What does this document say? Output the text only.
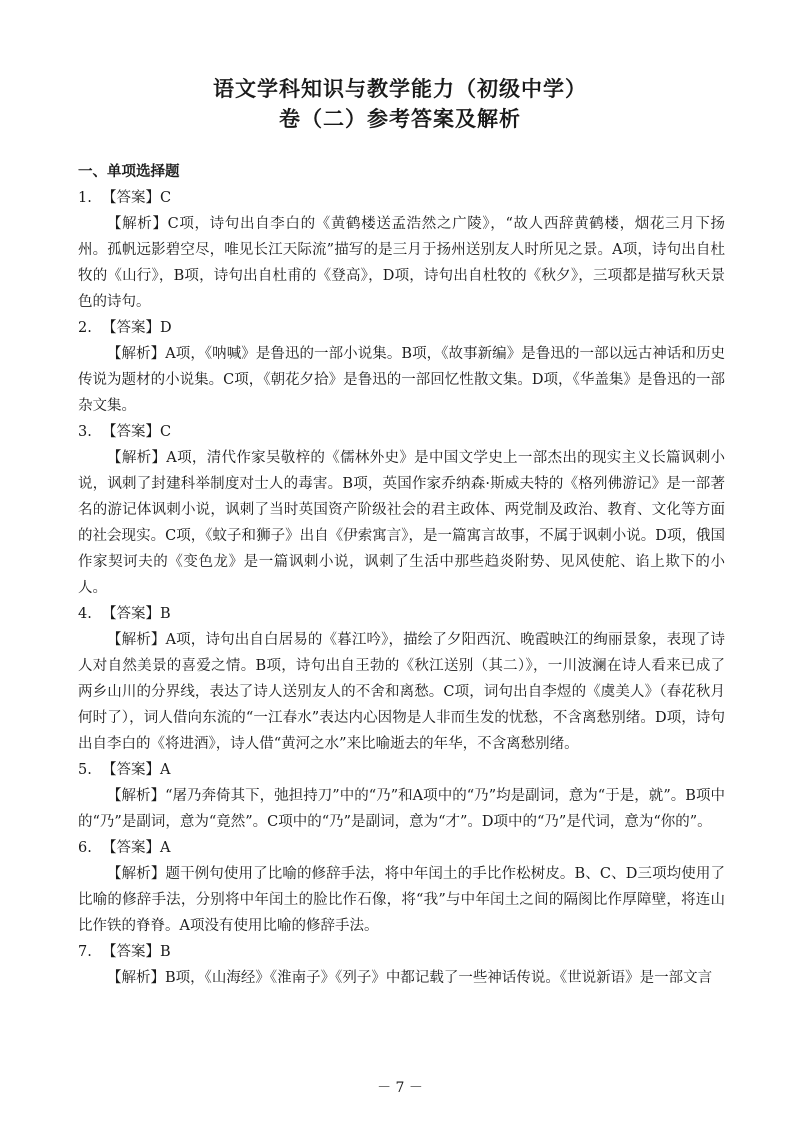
语文学科知识与教学能力（初级中学）
卷（二）参考答案及解析
一、单项选择题
1. 【答案】C

【解析】C项，诗句出自李白的《黄鹤楼送孟浩然之广陵》，“故人西辞黄鹤楼，烟花三月下扬州。孤帆远影碧空尽，唯见长江天际流”描写的是三月于扬州送别友人时所见之景。A项，诗句出自杜牧的《山行》，B项，诗句出自杜甫的《登高》，D项，诗句出自杜牧的《秋夕》，三项都是描写秋天景色的诗句。

2. 【答案】D

【解析】A项，《呐喊》是鲁迅的一部小说集。B项，《故事新编》是鲁迅的一部以远古神话和历史传说为题材的小说集。C项，《朝花夕拾》是鲁迅的一部回忆性散文集。D项，《华盖集》是鲁迅的一部杂文集。

3. 【答案】C

【解析】A项，清代作家吴敬梓的《儒林外史》是中国文学史上一部杰出的现实主义长篇讽刺小说，讽刺了封建科举制度对士人的毒害。B项，英国作家乔纳森·斯威夫特的《格列佛游记》是一部著名的游记体讽刺小说，讽刺了当时英国资产阶级社会的君主政体、两党制及政治、教育、文化等方面的社会现实。C项，《蚊子和狮子》出自《伊索寓言》，是一篇寓言故事，不属于讽刺小说。D项，俄国作家契诃夫的《变色龙》是一篇讽刺小说，讽刺了生活中那些趋炎附势、见风使舵、谄上欺下的小人。

4. 【答案】B

【解析】A项，诗句出自白居易的《暮江吟》，描绘了夕阳西沉、晚霞映江的绚丽景象，表现了诗人对自然美景的喜爱之情。B项，诗句出自王勃的《秋江送别（其二）》，一川波澜在诗人看来已成了两乡山川的分界线，表达了诗人送别友人的不舍和离愁。C项，词句出自李煜的《虞美人》（春花秋月何时了），词人借向东流的“一江春水”表达内心因物是人非而生发的忧愁，不含离愁别绪。D项，诗句出自李白的《将进酒》，诗人借“黄河之水”来比喻逝去的年华，不含离愁别绪。

5. 【答案】A

【解析】“屠乃奔倚其下，弛担持刀”中的“乃”和A项中的“乃”均是副词，意为“于是，就”。B项中的“乃”是副词，意为“竟然”。C项中的“乃”是副词，意为“才”。D项中的“乃”是代词，意为“你的”。

6. 【答案】A

【解析】题干例句使用了比喻的修辞手法，将中年闰土的手比作松树皮。B、C、D三项均使用了比喻的修辞手法，分别将中年闰土的脸比作石像，将“我”与中年闰土之间的隔阂比作厚障壁，将连山比作铁的脊脊。A项没有使用比喻的修辞手法。

7. 【答案】B

【解析】B项，《山海经》《淮南子》《列子》中都记载了一些神话传说。《世说新语》是一部文言

－ 7 －
